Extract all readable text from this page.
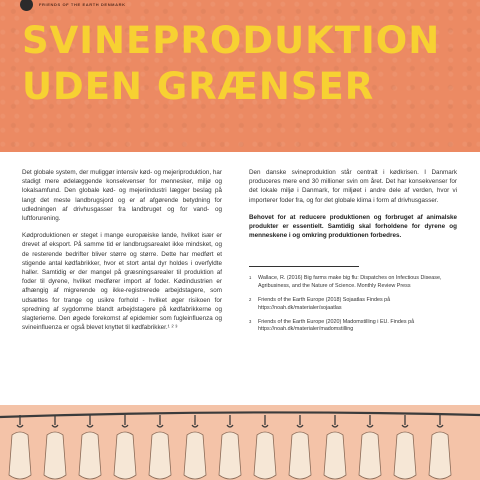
FRIENDS OF THE EARTH DENMARK
SVINEPRODUKTION
UDEN GRÆNSER

Det globale system, der muliggør intensiv kød- og mejeriproduktion, har stadigt mere ødelæggende konsekvenser for mennesker, miljø og lokalsamfund. Den globale kød- og mejeriindustri lægger beslag på langt det meste landbrugsjord og er af afgørende betydning for udledningen af drivhusgasser fra landbruget og for vand- og luftforurening.

Kødproduktionen er steget i mange europæiske lande, hvilket især er drevet af eksport. På samme tid er landbrugsarealet ikke mindsket, og de resterende bedrifter bliver større og større. Dette har medført et stigende antal kødfabrikker, hvor et stort antal dyr holdes i overfyldte haller. Samtidig er der mangel på græsningsarealer til produktion af foder til dyrene, hvilket medfører import af foder. Kødindustrien er afhængig af migrerende og ikke-registrerede arbejdstagere, som udsættes for trange og usikre forhold - hvilket øger risikoen for spredning af sygdomme blandt arbejdstagere på kødfabrikkerne og slagterierne. Den øgede forekomst af epidemier som fugleinfluenza og svineinfluenza er også blevet knyttet til kødfabrikker.¹ ² ³

Den danske svineproduktion står centralt i kødkrisen. I Danmark produceres mere end 30 millioner svin om året. Det har konsekvenser for det lokale miljø i Danmark, for miljøet i andre dele af verden, hvor vi importerer foder fra, og for det globale klima i form af drivhusgasser.

Behovet for at reducere produktionen og forbruget af animalske produkter er essentielt. Samtidig skal forholdene for dyrene og menneskene i og omkring produktionen forbedres.

1 Wallace, R. (2016) Big farms make big flu: Dispatches on Infectious Disease, Agribusiness, and the Nature of Science. Monthly Review Press
2 Friends of the Earth Europe (2018) Sojaatlas Findes på https://noah.dk/materialer/sojaatlas
3 Friends of the Earth Europe (2020) Madomstilling i EU. Findes på https://noah.dk/materialer/madomstilling
